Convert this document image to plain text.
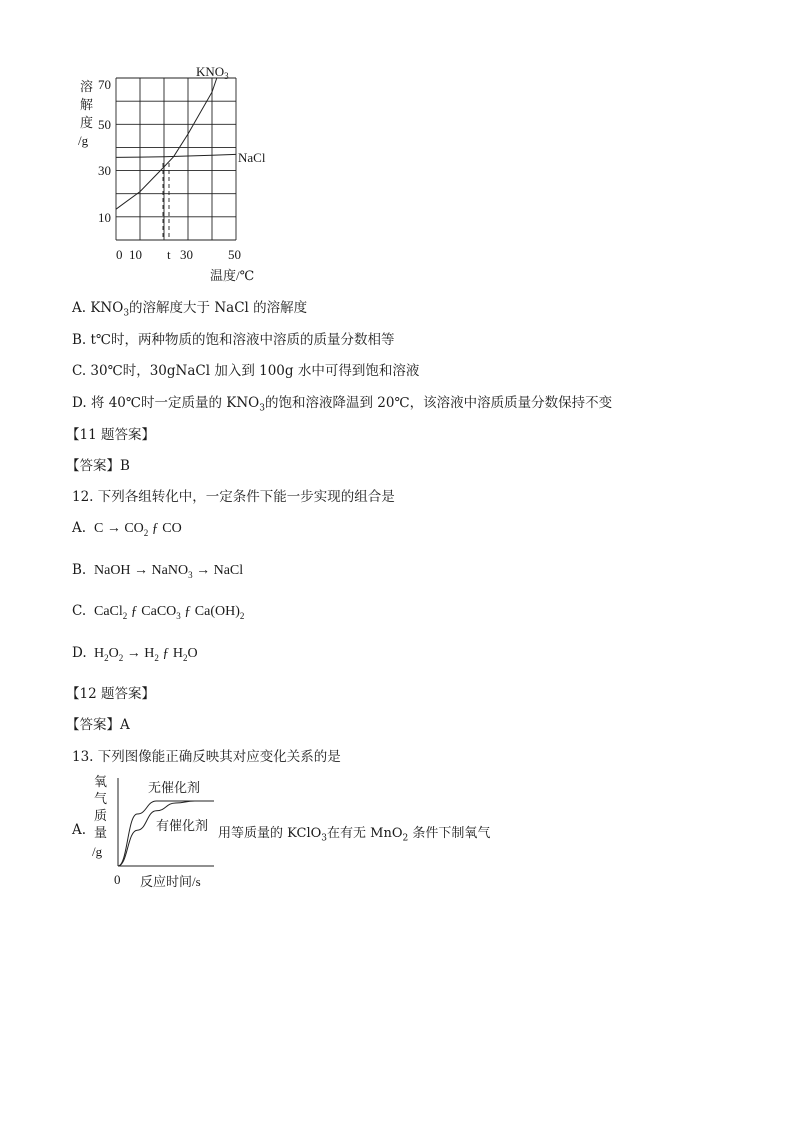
溶
解
度
/g
70
50
30
10
$KNO_3$
NaCl
0 10 t 30	50
温度/℃
A. $KNO_3$的溶解度大于 NaCl 的溶解度
B. t℃时，两种物质的饱和溶液中溶质的质量分数相等
C. 30℃时，30gNaCl 加入到 100g 水中可得到饱和溶液
D. 将 40℃时一定质量的 $KNO_3$的饱和溶液降温到 20℃，该溶液中溶质质量分数保持不变
【11 题答案】
【答案】B
12. 下列各组转化中，一定条件下能一步实现的组合是
A. $C \to CO_2$ ƒ CO
B. NaOH → NaNO$_3$ → NaCl
C. CaCl$_2$ ƒ CaCO$_3$ ƒ $Ca(OH)_2$
D. $H_2O_2 \to H_2$ ƒ $H_2O$
【12 题答案】
【答案】A
13. 下列图像能正确反映其对应变化关系的是
A.
氧
气
质
量
/g
无催化剂
有催化剂
0 反应时间/s
用等质量的 KClO$_3$在有无 MnO$_2$ 条件下制氧气
